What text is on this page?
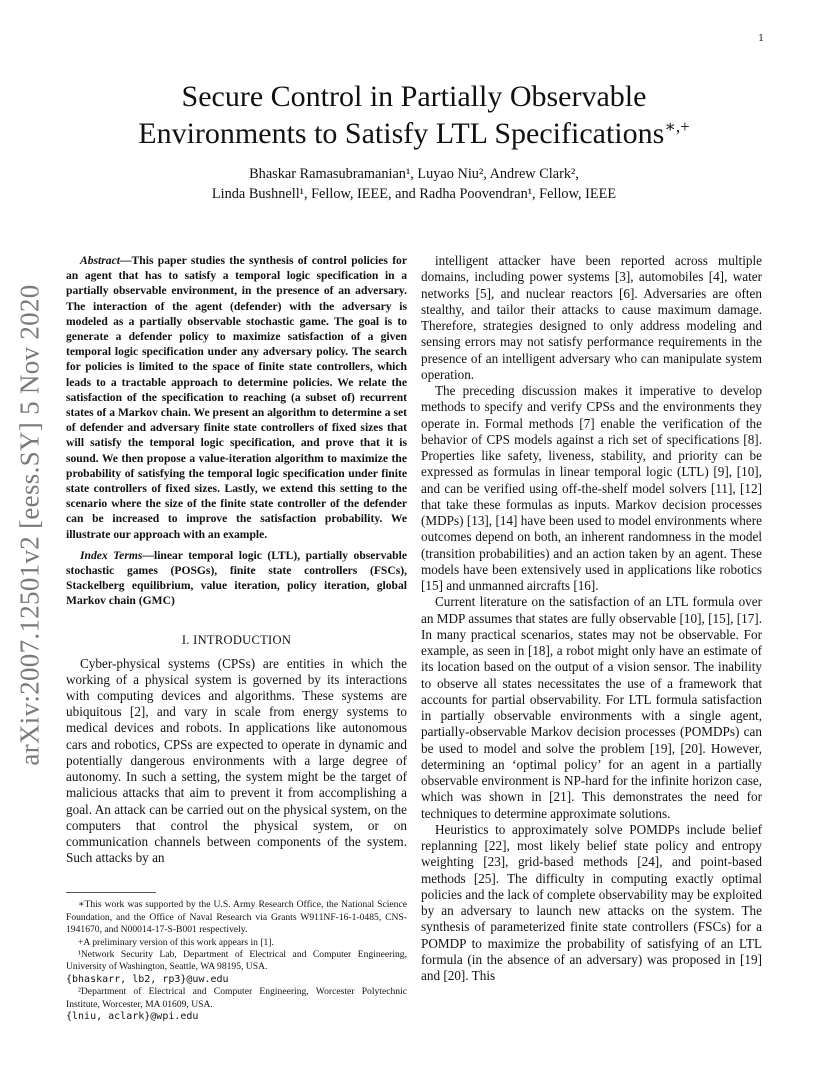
1
arXiv:2007.12501v2 [eess.SY] 5 Nov 2020
Secure Control in Partially Observable
Environments to Satisfy LTL Specifications∗,+
Bhaskar Ramasubramanian¹, Luyao Niu², Andrew Clark²,
Linda Bushnell¹, Fellow, IEEE, and Radha Poovendran¹, Fellow, IEEE

Abstract—This paper studies the synthesis of control policies for an agent that has to satisfy a temporal logic specification in a partially observable environment, in the presence of an adversary. The interaction of the agent (defender) with the adversary is modeled as a partially observable stochastic game. The goal is to generate a defender policy to maximize satisfaction of a given temporal logic specification under any adversary policy. The search for policies is limited to the space of finite state controllers, which leads to a tractable approach to determine policies. We relate the satisfaction of the specification to reaching (a subset of) recurrent states of a Markov chain. We present an algorithm to determine a set of defender and adversary finite state controllers of fixed sizes that will satisfy the temporal logic specification, and prove that it is sound. We then propose a value-iteration algorithm to maximize the probability of satisfying the temporal logic specification under finite state controllers of fixed sizes. Lastly, we extend this setting to the scenario where the size of the finite state controller of the defender can be increased to improve the satisfaction probability. We illustrate our approach with an example.

Index Terms—linear temporal logic (LTL), partially observable stochastic games (POSGs), finite state controllers (FSCs), Stackelberg equilibrium, value iteration, policy iteration, global Markov chain (GMC)

I. INTRODUCTION

Cyber-physical systems (CPSs) are entities in which the working of a physical system is governed by its interactions with computing devices and algorithms. These systems are ubiquitous [2], and vary in scale from energy systems to medical devices and robots. In applications like autonomous cars and robotics, CPSs are expected to operate in dynamic and potentially dangerous environments with a large degree of autonomy. In such a setting, the system might be the target of malicious attacks that aim to prevent it from accomplishing a goal. An attack can be carried out on the physical system, on the computers that control the physical system, or on communication channels between components of the system. Such attacks by an

∗This work was supported by the U.S. Army Research Office, the National Science Foundation, and the Office of Naval Research via Grants W911NF-16-1-0485, CNS-1941670, and N00014-17-S-B001 respectively.

+A preliminary version of this work appears in [1].

¹Network Security Lab, Department of Electrical and Computer Engineering, University of Washington, Seattle, WA 98195, USA.

{bhaskarr, lb2, rp3}@uw.edu

²Department of Electrical and Computer Engineering, Worcester Polytechnic Institute, Worcester, MA 01609, USA.

{lniu, aclark}@wpi.edu

intelligent attacker have been reported across multiple domains, including power systems [3], automobiles [4], water networks [5], and nuclear reactors [6]. Adversaries are often stealthy, and tailor their attacks to cause maximum damage. Therefore, strategies designed to only address modeling and sensing errors may not satisfy performance requirements in the presence of an intelligent adversary who can manipulate system operation.

The preceding discussion makes it imperative to develop methods to specify and verify CPSs and the environments they operate in. Formal methods [7] enable the verification of the behavior of CPS models against a rich set of specifications [8]. Properties like safety, liveness, stability, and priority can be expressed as formulas in linear temporal logic (LTL) [9], [10], and can be verified using off-the-shelf model solvers [11], [12] that take these formulas as inputs. Markov decision processes (MDPs) [13], [14] have been used to model environments where outcomes depend on both, an inherent randomness in the model (transition probabilities) and an action taken by an agent. These models have been extensively used in applications like robotics [15] and unmanned aircrafts [16].

Current literature on the satisfaction of an LTL formula over an MDP assumes that states are fully observable [10], [15], [17]. In many practical scenarios, states may not be observable. For example, as seen in [18], a robot might only have an estimate of its location based on the output of a vision sensor. The inability to observe all states necessitates the use of a framework that accounts for partial observability. For LTL formula satisfaction in partially observable environments with a single agent, partially-observable Markov decision processes (POMDPs) can be used to model and solve the problem [19], [20]. However, determining an ‘optimal policy’ for an agent in a partially observable environment is NP-hard for the infinite horizon case, which was shown in [21]. This demonstrates the need for techniques to determine approximate solutions.

Heuristics to approximately solve POMDPs include belief replanning [22], most likely belief state policy and entropy weighting [23], grid-based methods [24], and point-based methods [25]. The difficulty in computing exactly optimal policies and the lack of complete observability may be exploited by an adversary to launch new attacks on the system. The synthesis of parameterized finite state controllers (FSCs) for a POMDP to maximize the probability of satisfying of an LTL formula (in the absence of an adversary) was proposed in [19] and [20]. This
